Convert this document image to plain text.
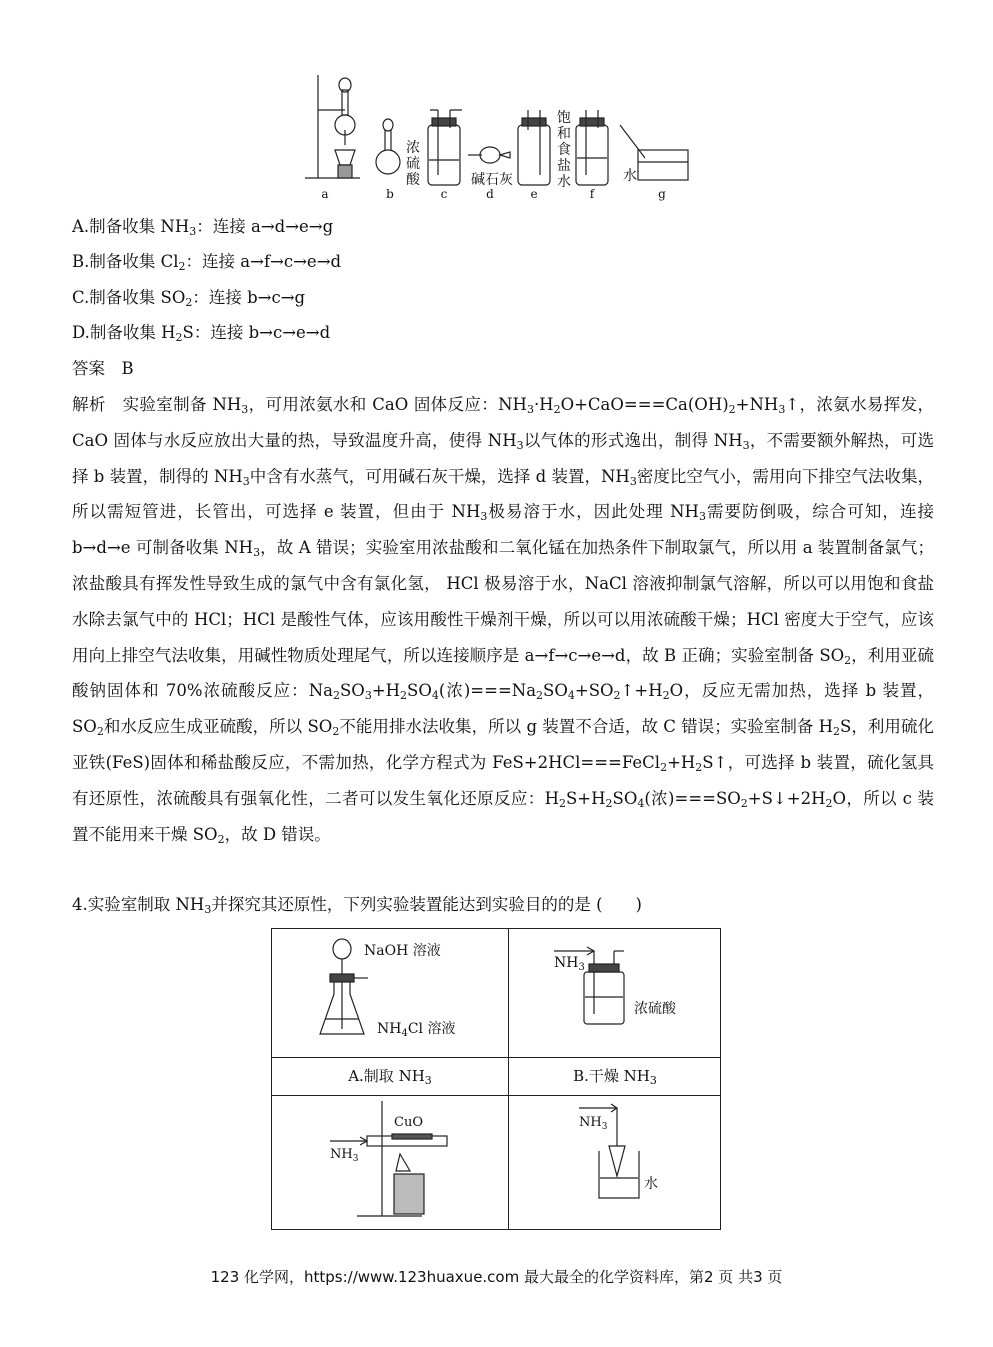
a	b	c	d	e	f	g
浓
硫
酸	碱石灰
饱
和
食
盐
水	水
A.制备收集 $NH_3$：连接 a→d→e→g
B.制备收集 $Cl_2$：连接 a→f→c→e→d
C.制备收集 $SO_2$：连接 b→c→g
D.制备收集 $H_2S$：连接 b→c→e→d
答案　B
解析　实验室制备 $NH_3$，可用浓氨水和 CaO 固体反应：$NH_3\cdot H_2O+CaO===Ca(OH)_2+NH_3↑$，浓氨水易挥发，CaO 固体与水反应放出大量的热，导致温度升高，使得 $NH_3$以气体的形式逸出，制得 $NH_3$，不需要额外解热，可选择 b 装置，制得的 $NH_3$中含有水蒸气，可用碱石灰干燥，选择 d 装置，$NH_3$密度比空气小，需用向下排空气法收集，所以需短管进，长管出，可选择 e 装置，但由于 $NH_3$极易溶于水，因此处理 $NH_3$需要防倒吸，综合可知，连接 b→d→e 可制备收集 $NH_3$，故 A 错误；实验室用浓盐酸和二氧化锰在加热条件下制取氯气，所以用 a 装置制备氯气；浓盐酸具有挥发性导致生成的氯气中含有氯化氢， HCl 极易溶于水，NaCl 溶液抑制氯气溶解，所以可以用饱和食盐水除去氯气中的 HCl；HCl 是酸性气体，应该用酸性干燥剂干燥，所以可以用浓硫酸干燥；HCl 密度大于空气，应该用向上排空气法收集，用碱性物质处理尾气，所以连接顺序是 a→f→c→e→d，故 B 正确；实验室制备 $SO_2$，利用亚硫酸钠固体和 70%浓硫酸反应：$Na_2SO_3+H_2SO_4$(浓)$===Na_2SO_4+SO_2↑+H_2O$，反应无需加热，选择 b 装置，$SO_2$和水反应生成亚硫酸，所以 $SO_2$不能用排水法收集，所以 g 装置不合适，故 C 错误；实验室制备 $H_2S$，利用硫化亚铁(FeS)固体和稀盐酸反应，不需加热，化学方程式为 $FeS+2HCl===FeCl_2+H_2S↑$，可选择 b 装置，硫化氢具有还原性，浓硫酸具有强氧化性，二者可以发生氧化还原反应：$H_2S+H_2SO_4$(浓)$===SO_2+S↓+2H_2O$，所以 c 装置不能用来干燥 $SO_2$，故 D 错误。
4.实验室制取 $NH_3$并探究其还原性，下列实验装置能达到实验目的的是 (　　)
NaOH 溶液
$NH_4Cl$ 溶液
$NH_3$
浓硫酸
A.制取 $NH_3$	B.干燥 $NH_3$
CuO
$NH_3$
$NH_3$
水
123 化学网，https://www.123huaxue.com 最大最全的化学资料库，第2 页 共3 页
